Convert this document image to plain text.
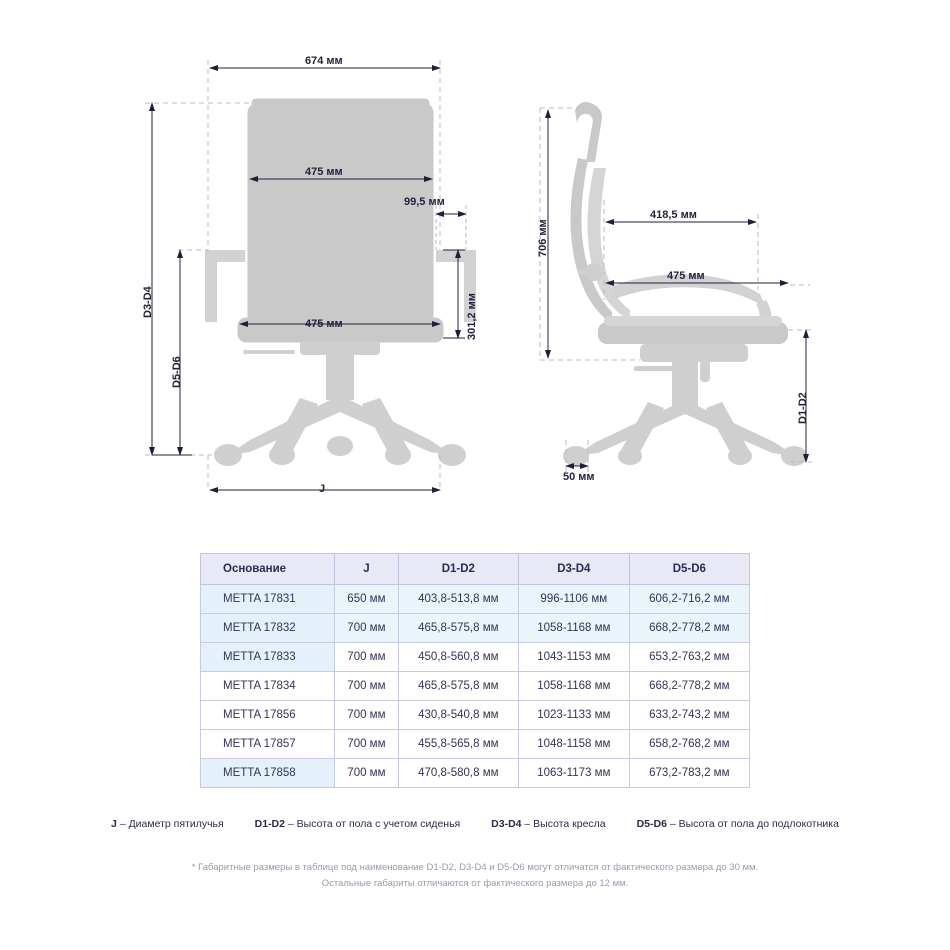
674 мм
475 мм
99,5 мм
301,2 мм
475 мм
D3-D4
D5-D6
J
706 мм
418,5 мм
475 мм
D1-D2
50 мм
Основание	J	D1-D2	D3-D4	D5-D6
METTA 17831	650 мм	403,8-513,8 мм	996-1106 мм	606,2-716,2 мм
METTA 17832	700 мм	465,8-575,8 мм	1058-1168 мм	668,2-778,2 мм
METTA 17833	700 мм	450,8-560,8 мм	1043-1153 мм	653,2-763,2 мм
METTA 17834	700 мм	465,8-575,8 мм	1058-1168 мм	668,2-778,2 мм
METTA 17856	700 мм	430,8-540,8 мм	1023-1133 мм	633,2-743,2 мм
METTA 17857	700 мм	455,8-565,8 мм	1048-1158 мм	658,2-768,2 мм
METTA 17858	700 мм	470,8-580,8 мм	1063-1173 мм	673,2-783,2 мм
J – Диаметр пятилучья	D1-D2 – Высота от пола с учетом сиденья	D3-D4 – Высота кресла	D5-D6 – Высота от пола до подлокотника
* Габаритные размеры в таблице под наименование D1-D2, D3-D4 и D5-D6 могут отличатся от фактического размера до 30 мм.
Остальные габариты отличаются от фактического размера до 12 мм.
